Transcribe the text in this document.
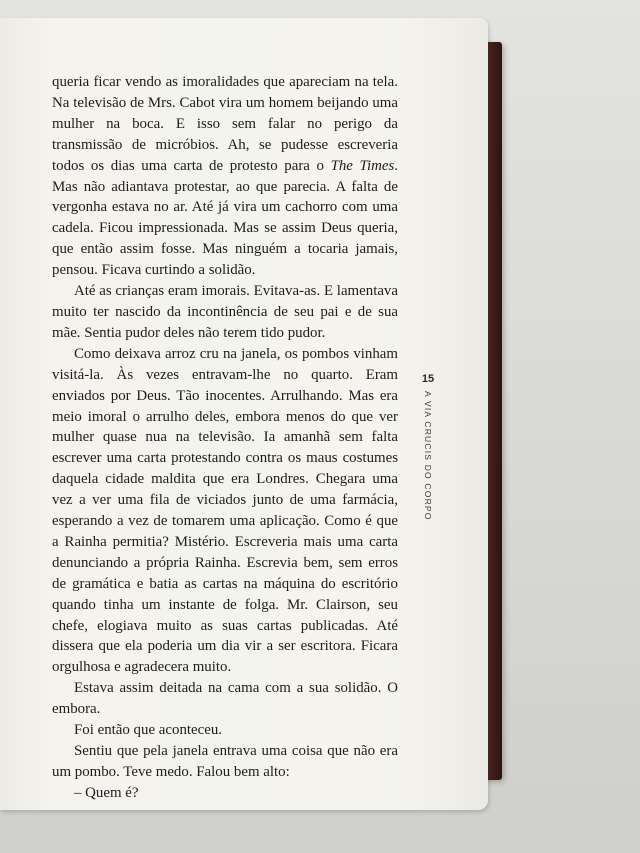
queria ficar vendo as imoralidades que apareciam na tela. Na televisão de Mrs. Cabot vira um homem beijando uma mulher na boca. E isso sem falar no perigo da transmissão de micróbios. Ah, se pudesse escreveria todos os dias uma carta de protesto para o The Times. Mas não adiantava protestar, ao que parecia. A falta de vergonha estava no ar. Até já vira um cachorro com uma cadela. Ficou impressionada. Mas se assim Deus queria, que então assim fosse. Mas ninguém a tocaria jamais, pensou. Ficava curtindo a solidão.

Até as crianças eram imorais. Evitava-as. E lamentava muito ter nascido da incontinência de seu pai e de sua mãe. Sentia pudor deles não terem tido pudor.

Como deixava arroz cru na janela, os pombos vinham visitá-la. Às vezes entravam-lhe no quarto. Eram enviados por Deus. Tão inocentes. Arrulhando. Mas era meio imoral o arrulho deles, embora menos do que ver mulher quase nua na televisão. Ia amanhã sem falta escrever uma carta protestando contra os maus costumes daquela cidade maldita que era Londres. Chegara uma vez a ver uma fila de viciados junto de uma farmácia, esperando a vez de tomarem uma aplicação. Como é que a Rainha permitia? Mistério. Escreveria mais uma carta denunciando a própria Rainha. Escrevia bem, sem erros de gramática e batia as cartas na máquina do escritório quando tinha um instante de folga. Mr. Clairson, seu chefe, elogiava muito as suas cartas publicadas. Até dissera que ela poderia um dia vir a ser escritora. Ficara orgulhosa e agradecera muito.

Estava assim deitada na cama com a sua solidão. O embora.

Foi então que aconteceu.

Sentiu que pela janela entrava uma coisa que não era um pombo. Teve medo. Falou bem alto:

– Quem é?

15
A VIA CRUCIS DO CORPO
